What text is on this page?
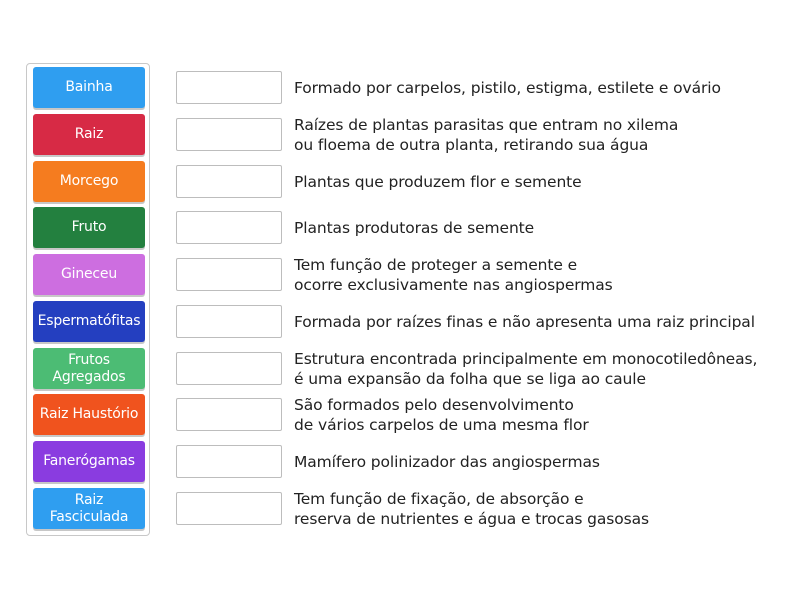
Bainha
Raiz
Morcego
Fruto
Gineceu
Espermatófitas
Frutos
Agregados
Raiz Haustório
Fanerógamas
Raiz
Fasciculada
Formado por carpelos, pistilo, estigma, estilete e ovário
Raízes de plantas parasitas que entram no xilema
ou floema de outra planta, retirando sua água
Plantas que produzem flor e semente
Plantas produtoras de semente
Tem função de proteger a semente e
ocorre exclusivamente nas angiospermas
Formada por raízes finas e não apresenta uma raiz principal
Estrutura encontrada principalmente em monocotiledôneas,
é uma expansão da folha que se liga ao caule
São formados pelo desenvolvimento
de vários carpelos de uma mesma flor
Mamífero polinizador das angiospermas
Tem função de fixação, de absorção e
reserva de nutrientes e água e trocas gasosas
